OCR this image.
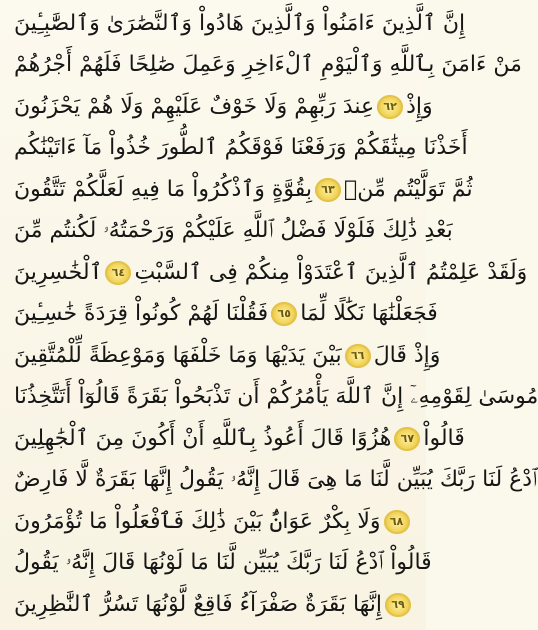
إِنَّ ٱلَّذِينَ ءَامَنُواْ وَٱلَّذِينَ هَادُواْ وَٱلنَّصَٰرَىٰ وَٱلصَّٰبِـِٔينَ
مَنْ ءَامَنَ بِٱللَّهِ وَٱلْيَوْمِ ٱلْءَاخِرِ وَعَمِلَ صَٰلِحًا فَلَهُمْ أَجْرُهُمْ
عِندَ رَبِّهِمْ وَلَا خَوْفٌ عَلَيْهِمْ وَلَا هُمْ يَحْزَنُونَ ٦٢ وَإِذْ
أَخَذْنَا مِيثَٰقَكُمْ وَرَفَعْنَا فَوْقَكُمُ ٱلطُّورَ خُذُواْ مَآ ءَاتَيْنَٰكُم
بِقُوَّةٍ وَٱذْكُرُواْ مَا فِيهِ لَعَلَّكُمْ تَتَّقُونَ ٦٣ ثُمَّ تَوَلَّيْتُم مِّنۢ
بَعْدِ ذَٰلِكَ فَلَوْلَا فَضْلُ ٱللَّهِ عَلَيْكُمْ وَرَحْمَتُهُۥ لَكُنتُم مِّنَ
ٱلْخَٰسِرِينَ ٦٤ وَلَقَدْ عَلِمْتُمُ ٱلَّذِينَ ٱعْتَدَوْاْ مِنكُمْ فِى ٱلسَّبْتِ
فَقُلْنَا لَهُمْ كُونُواْ قِرَدَةً خَٰسِـِٔينَ ٦٥ فَجَعَلْنَٰهَا نَكَٰلًا لِّمَا
بَيْنَ يَدَيْهَا وَمَا خَلْفَهَا وَمَوْعِظَةً لِّلْمُتَّقِينَ ٦٦ وَإِذْ قَالَ
مُوسَىٰ لِقَوْمِهِۦٓ إِنَّ ٱللَّهَ يَأْمُرُكُمْ أَن تَذْبَحُواْ بَقَرَةً قَالُوٓاْ أَتَتَّخِذُنَا
هُزُوًا قَالَ أَعُوذُ بِٱللَّهِ أَنْ أَكُونَ مِنَ ٱلْجَٰهِلِينَ ٦٧ قَالُواْ
ٱدْعُ لَنَا رَبَّكَ يُبَيِّن لَّنَا مَا هِىَ قَالَ إِنَّهُۥ يَقُولُ إِنَّهَا بَقَرَةٌ لَّا فَارِضٌ
وَلَا بِكْرٌ عَوَانٌۢ بَيْنَ ذَٰلِكَ فَٱفْعَلُواْ مَا تُؤْمَرُونَ ٦٨
قَالُواْ ٱدْعُ لَنَا رَبَّكَ يُبَيِّن لَّنَا مَا لَوْنُهَا قَالَ إِنَّهُۥ يَقُولُ
إِنَّهَا بَقَرَةٌ صَفْرَآءُ فَاقِعٌ لَّوْنُهَا تَسُرُّ ٱلنَّٰظِرِينَ ٦٩
